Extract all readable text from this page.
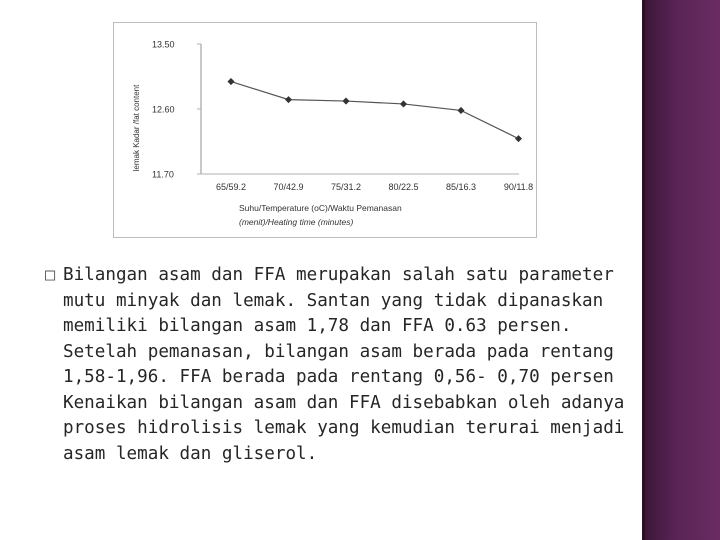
lemak Kadar /fat content
Suhu/Temperature (oC)/Waktu Pemanasan
(menit)/Heating time (minutes)
13.50
12.60
11.70
65/59.2	70/42.9	75/31.2	80/22.5	85/16.3	90/11.8
□ Bilangan asam dan FFA merupakan salah satu parameter mutu minyak dan lemak. Santan yang tidak dipanaskan memiliki bilangan asam 1,78 dan FFA 0.63 persen. Setelah pemanasan, bilangan asam berada pada rentang 1,58-1,96. FFA berada pada rentang 0,56- 0,70 persen Kenaikan bilangan asam dan FFA disebabkan oleh adanya proses hidrolisis lemak yang kemudian terurai menjadi asam lemak dan gliserol.
